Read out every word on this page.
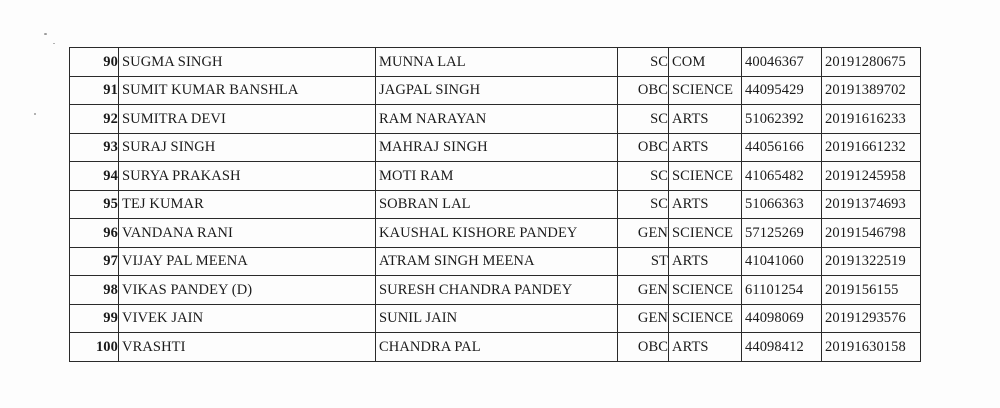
90	SUGMA SINGH	MUNNA LAL	SC	COM	40046367	20191280675
91	SUMIT KUMAR BANSHLA	JAGPAL SINGH	OBC	SCIENCE	44095429	20191389702
92	SUMITRA DEVI	RAM NARAYAN	SC	ARTS	51062392	20191616233
93	SURAJ SINGH	MAHRAJ SINGH	OBC	ARTS	44056166	20191661232
94	SURYA PRAKASH	MOTI RAM	SC	SCIENCE	41065482	20191245958
95	TEJ KUMAR	SOBRAN LAL	SC	ARTS	51066363	20191374693
96	VANDANA RANI	KAUSHAL KISHORE PANDEY	GEN	SCIENCE	57125269	20191546798
97	VIJAY PAL MEENA	ATRAM SINGH MEENA	ST	ARTS	41041060	20191322519
98	VIKAS PANDEY (D)	SURESH CHANDRA PANDEY	GEN	SCIENCE	61101254	2019156155
99	VIVEK JAIN	SUNIL JAIN	GEN	SCIENCE	44098069	20191293576
100	VRASHTI	CHANDRA PAL	OBC	ARTS	44098412	20191630158
